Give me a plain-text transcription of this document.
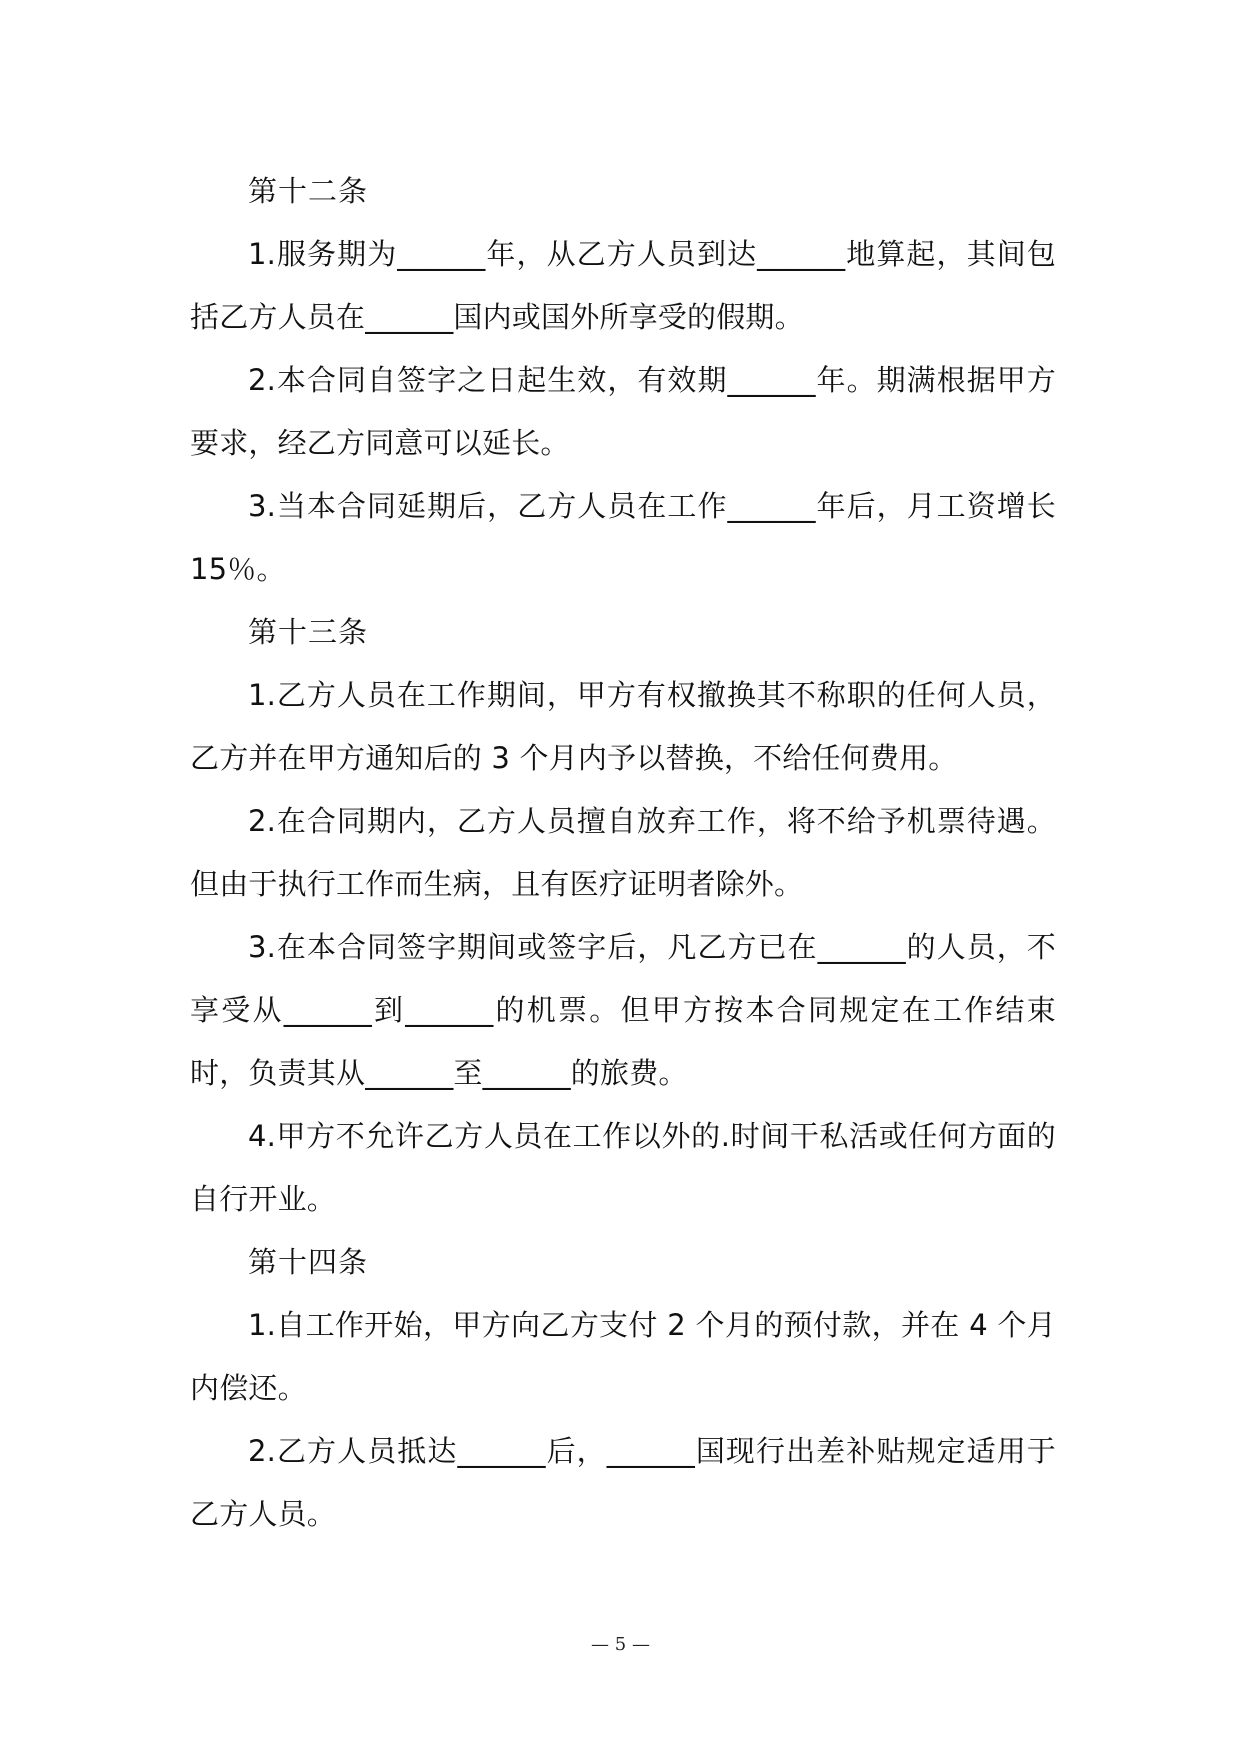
第十二条

1.服务期为______年，从乙方人员到达______地算起，其间包括乙方人员在______国内或国外所享受的假期。

2.本合同自签字之日起生效，有效期______年。期满根据甲方要求，经乙方同意可以延长。

3.当本合同延期后，乙方人员在工作______年后，月工资增长 15％。

第十三条

1.乙方人员在工作期间，甲方有权撤换其不称职的任何人员，乙方并在甲方通知后的 3 个月内予以替换，不给任何费用。

2.在合同期内，乙方人员擅自放弃工作，将不给予机票待遇。但由于执行工作而生病，且有医疗证明者除外。

3.在本合同签字期间或签字后，凡乙方已在______的人员，不享受从______到______的机票。但甲方按本合同规定在工作结束时，负责其从______至______的旅费。

4.甲方不允许乙方人员在工作以外的.时间干私活或任何方面的自行开业。

第十四条

1.自工作开始，甲方向乙方支付 2 个月的预付款，并在 4 个月内偿还。

2.乙方人员抵达______后，______国现行出差补贴规定适用于乙方人员。

— 5 —
